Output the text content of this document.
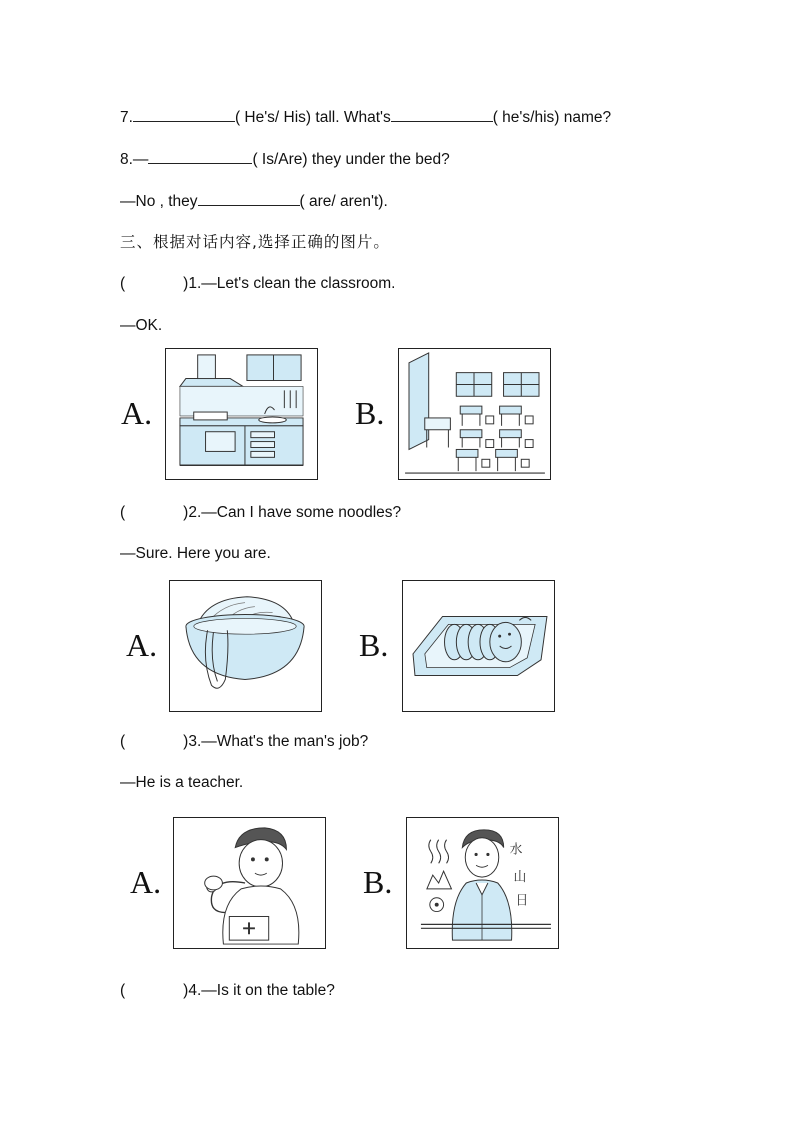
7.	( He's/ His) tall. What's	( he's/his) name?
8.—	( Is/Are) they under the bed?
—No , they	( are/ aren't).
三、根据对话内容,选择正确的图片。
(	)1.—Let's clean the classroom.
—OK.
A.	B.
(	)2.—Can I have some noodles?
—Sure. Here you are.
A.	B.
(	)3.—What's the man's job?
—He is a teacher.
A.	B.
水
山
日
(	)4.—Is it on the table?
